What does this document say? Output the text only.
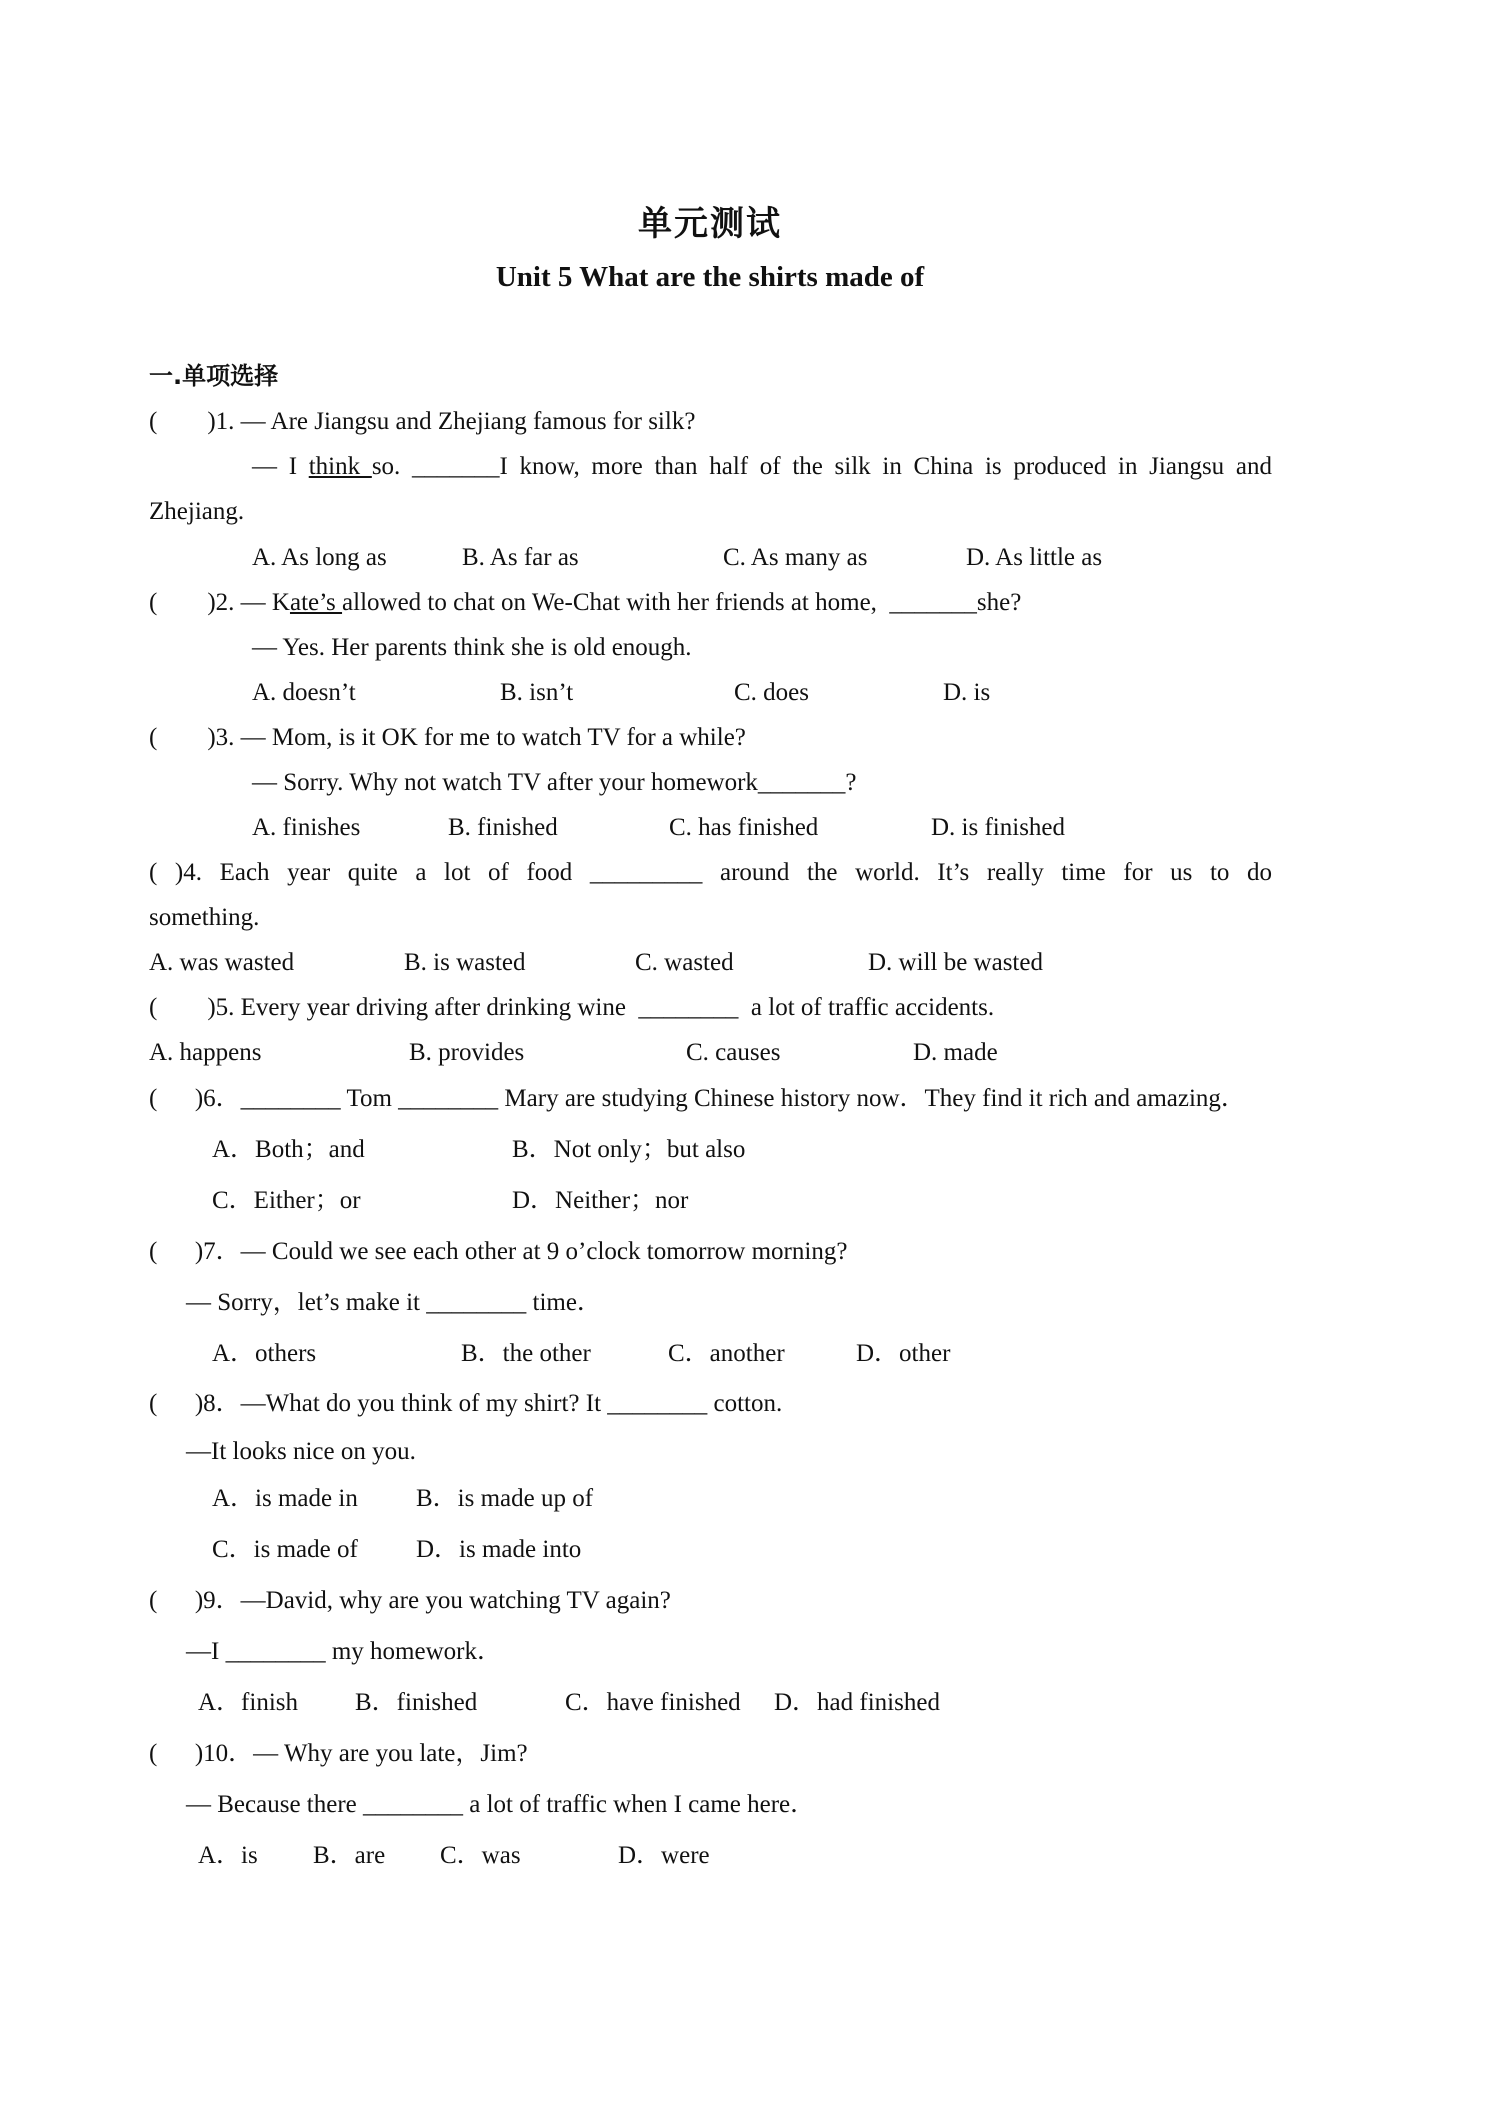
单元测试
Unit 5 What are the shirts made of
一.单项选择
(        )1. — Are Jiangsu and Zhejiang famous for silk?
— I think so. _______I know, more than half of the silk in China is produced in Jiangsu and
Zhejiang.
A. As long as	B. As far as	C. As many as	D. As little as
(        )2. — Kate’s allowed to chat on We-Chat with her friends at home,  _______she?
— Yes. Her parents think she is old enough.
A. doesn’t	B. isn’t	C. does	D. is
(        )3. — Mom, is it OK for me to watch TV for a while?
— Sorry. Why not watch TV after your homework_______?
A. finishes	B. finished	C. has finished	D. is finished
( )4. Each year quite a lot of food _________ around the world. It’s really time for us to do
something.
A. was wasted	B. is wasted	C. wasted	D. will be wasted
(        )5. Every year driving after drinking wine  ________  a lot of traffic accidents.
A. happens	B. provides	C. causes	D. made
(      )6．________ Tom ________ Mary are studying Chinese history now．They find it rich and amazing．
A．Both；and	B．Not only；but also
C．Either；or	D．Neither；nor
(      )7．— Could we see each other at 9 o’clock tomorrow morning?
— Sorry，let’s make it ________ time．
A．others	B．the other	C．another	D．other
(      )8．—What do you think of my shirt? It ________ cotton.
—It looks nice on you.
A．is made in B．is made up of
C．is made of D．is made into
(      )9．—David, why are you watching TV again?
—I ________ my homework．
A．finish B．finished	C．have finished D．had finished
(      )10．— Why are you late，Jim?
— Because there ________ a lot of traffic when I came here．
A．is B．are C．was	D．were
